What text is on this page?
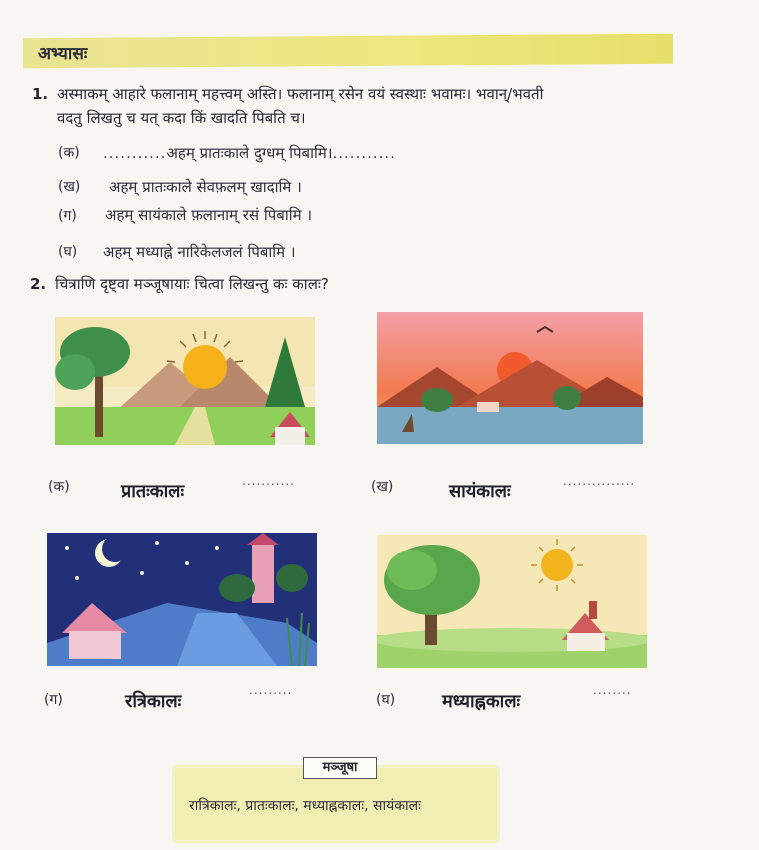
अभ्यासः
1. अस्माकम् आहारे फलानाम् महत्त्वम् अस्ति। फलानाम् रसेन वयं स्वस्थाः भवामः। भवान्/भवती
वदतु लिखतु च यत् कदा किं खादति पिबति च।
(क) ...........अहम् प्रातःकाले दुग्धम् पिबामि।...........
(ख) अहम् प्रातःकाले सेवफ़लम् खादामि ।
(ग) अहम् सायंकाले फ़लानाम् रसं पिबामि ।
(घ) अहम् मध्याह्ने नारिकेलजलं पिबामि ।
2. चित्राणि दृष्ट्वा मञ्जूषायाः चित्वा लिखन्तु कः कालः?
(क)	प्रातःकालः	...........	(ख)	सायंकालः	...............
(ग)	रत्रिकालः
.........
(घ)	मध्याह्नकालः
........
मञ्जूषा
रात्रिकालः, प्रातःकालः, मध्याह्नकालः, सायंकालः
